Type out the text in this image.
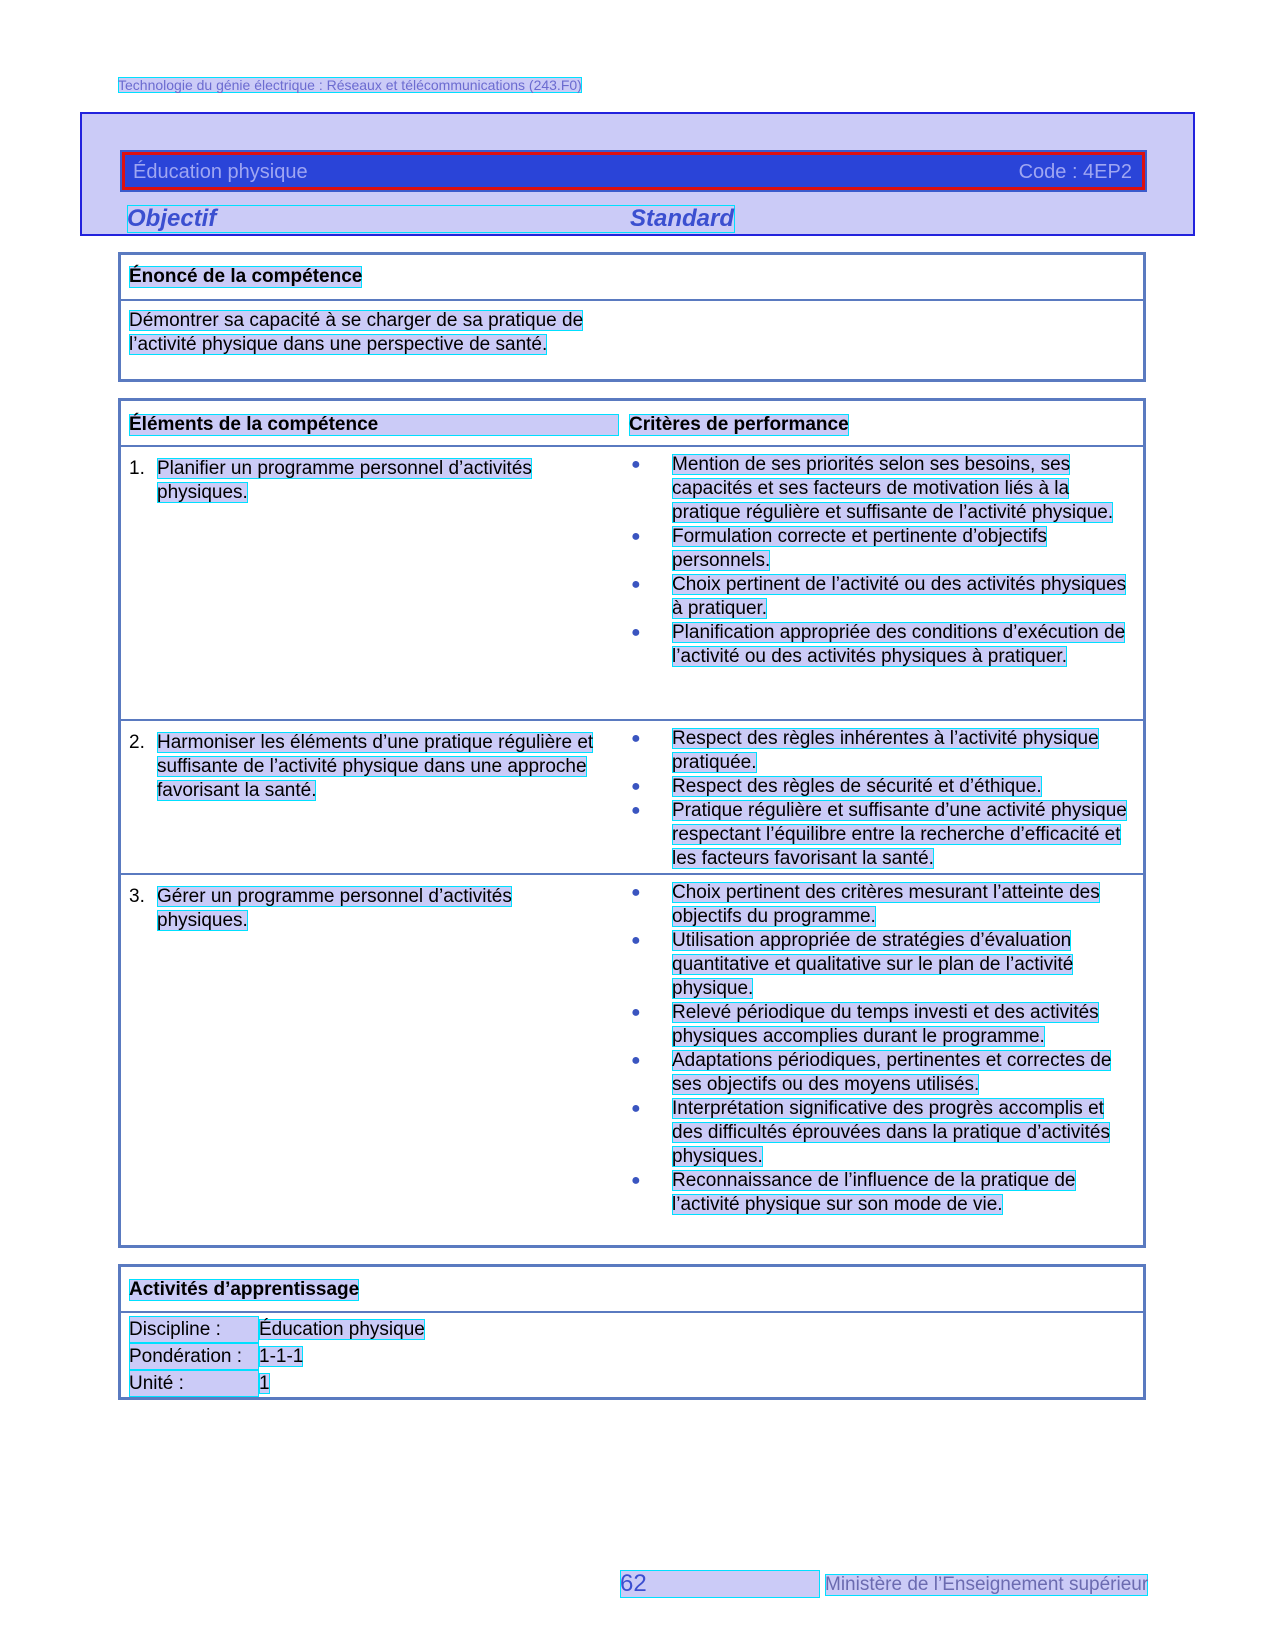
Technologie du génie électrique : Réseaux et télécommunications (243.F0)
Éducation physique	Code : 4EP2
Objectif	Standard
Énoncé de la compétence
Démontrer sa capacité à se charger de sa pratique de l’activité physique dans une perspective de santé.
Éléments de la compétence	Critères de performance
1. Planifier un programme personnel d’activités physiques.
● Mention de ses priorités selon ses besoins, ses capacités et ses facteurs de motivation liés à la pratique régulière et suffisante de l’activité physique.
● Formulation correcte et pertinente d’objectifs personnels.
● Choix pertinent de l’activité ou des activités physiques à pratiquer.
● Planification appropriée des conditions d’exécution de l’activité ou des activités physiques à pratiquer.
2. Harmoniser les éléments d’une pratique régulière et suffisante de l’activité physique dans une approche favorisant la santé.
● Respect des règles inhérentes à l’activité physique pratiquée.
● Respect des règles de sécurité et d’éthique.
● Pratique régulière et suffisante d’une activité physique respectant l’équilibre entre la recherche d’efficacité et les facteurs favorisant la santé.
3. Gérer un programme personnel d’activités physiques.
● Choix pertinent des critères mesurant l’atteinte des objectifs du programme.
● Utilisation appropriée de stratégies d’évaluation quantitative et qualitative sur le plan de l’activité physique.
● Relevé périodique du temps investi et des activités physiques accomplies durant le programme.
● Adaptations périodiques, pertinentes et correctes de ses objectifs ou des moyens utilisés.
● Interprétation significative des progrès accomplis et des difficultés éprouvées dans la pratique d’activités physiques.
● Reconnaissance de l’influence de la pratique de l’activité physique sur son mode de vie.
Activités d’apprentissage
Discipline : Éducation physique
Pondération : 1-1-1
Unité :	1
62	Ministère de l’Enseignement supérieur
